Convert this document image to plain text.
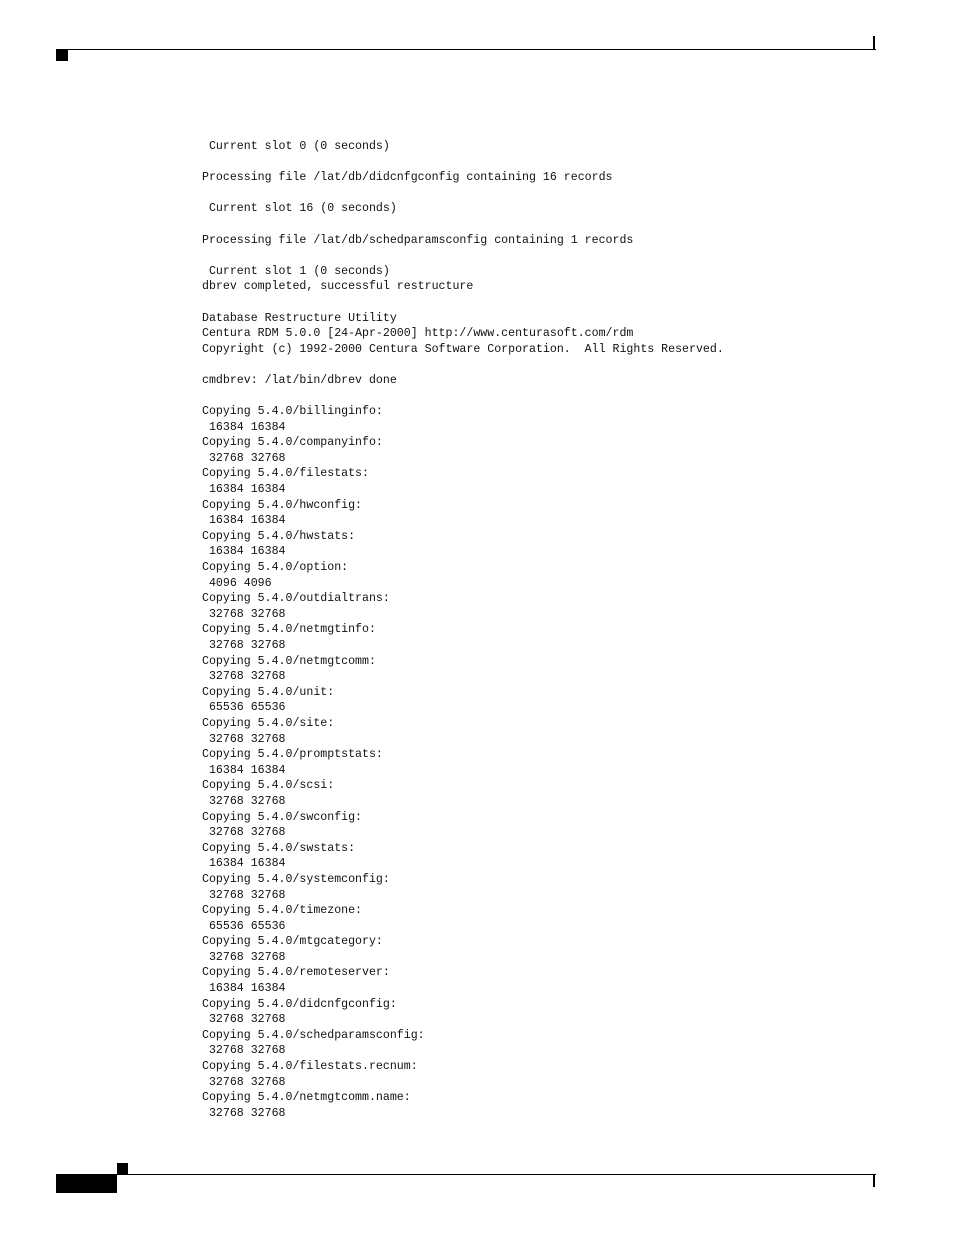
Current slot 0 (0 seconds)
Processing file /lat/db/didcnfgconfig containing 16 records
Current slot 16 (0 seconds)
Processing file /lat/db/schedparamsconfig containing 1 records
Current slot 1 (0 seconds)
dbrev completed, successful restructure
Database Restructure Utility
Centura RDM 5.0.0 [24-Apr-2000] http://www.centurasoft.com/rdm
Copyright (c) 1992-2000 Centura Software Corporation.  All Rights Reserved.
cmdbrev: /lat/bin/dbrev done
Copying 5.4.0/billinginfo:
16384 16384
Copying 5.4.0/companyinfo:
32768 32768
Copying 5.4.0/filestats:
16384 16384
Copying 5.4.0/hwconfig:
16384 16384
Copying 5.4.0/hwstats:
16384 16384
Copying 5.4.0/option:
4096 4096
Copying 5.4.0/outdialtrans:
32768 32768
Copying 5.4.0/netmgtinfo:
32768 32768
Copying 5.4.0/netmgtcomm:
32768 32768
Copying 5.4.0/unit:
65536 65536
Copying 5.4.0/site:
32768 32768
Copying 5.4.0/promptstats:
16384 16384
Copying 5.4.0/scsi:
32768 32768
Copying 5.4.0/swconfig:
32768 32768
Copying 5.4.0/swstats:
16384 16384
Copying 5.4.0/systemconfig:
32768 32768
Copying 5.4.0/timezone:
65536 65536
Copying 5.4.0/mtgcategory:
32768 32768
Copying 5.4.0/remoteserver:
16384 16384
Copying 5.4.0/didcnfgconfig:
32768 32768
Copying 5.4.0/schedparamsconfig:
32768 32768
Copying 5.4.0/filestats.recnum:
32768 32768
Copying 5.4.0/netmgtcomm.name:
32768 32768
